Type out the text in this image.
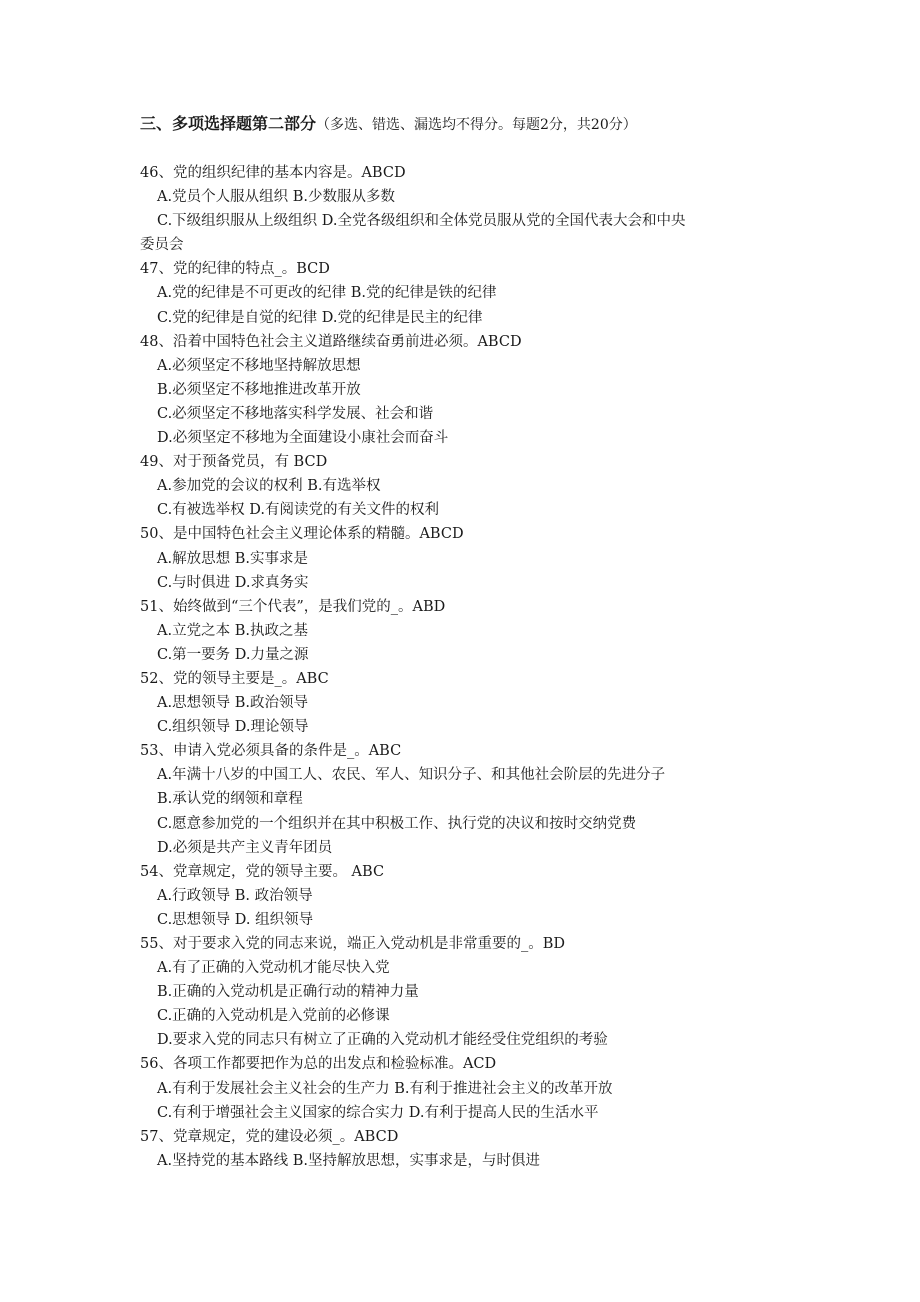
三、多项选择题第二部分（多选、错选、漏选均不得分。每题2分，共20分）
46、党的组织纪律的基本内容是。ABCD
A.党员个人服从组织 B.少数服从多数
C.下级组织服从上级组织 D.全党各级组织和全体党员服从党的全国代表大会和中央
委员会
47、党的纪律的特点_。BCD
A.党的纪律是不可更改的纪律 B.党的纪律是铁的纪律
C.党的纪律是自觉的纪律 D.党的纪律是民主的纪律
48、沿着中国特色社会主义道路继续奋勇前进必须。ABCD
A.必须坚定不移地坚持解放思想
B.必须坚定不移地推进改革开放
C.必须坚定不移地落实科学发展、社会和谐
D.必须坚定不移地为全面建设小康社会而奋斗
49、对于预备党员，有 BCD
A.参加党的会议的权利 B.有选举权
C.有被选举权 D.有阅读党的有关文件的权利
50、是中国特色社会主义理论体系的精髓。ABCD
A.解放思想 B.实事求是
C.与时俱进 D.求真务实
51、始终做到“三个代表”，是我们党的_。ABD
A.立党之本 B.执政之基
C.第一要务 D.力量之源
52、党的领导主要是_。ABC
A.思想领导 B.政治领导
C.组织领导 D.理论领导
53、申请入党必须具备的条件是_。ABC
A.年满十八岁的中国工人、农民、军人、知识分子、和其他社会阶层的先进分子
B.承认党的纲领和章程
C.愿意参加党的一个组织并在其中积极工作、执行党的决议和按时交纳党费
D.必须是共产主义青年团员
54、党章规定，党的领导主要。 ABC
A.行政领导 B. 政治领导
C.思想领导 D. 组织领导
55、对于要求入党的同志来说，端正入党动机是非常重要的_。BD
A.有了正确的入党动机才能尽快入党
B.正确的入党动机是正确行动的精神力量
C.正确的入党动机是入党前的必修课
D.要求入党的同志只有树立了正确的入党动机才能经受住党组织的考验
56、各项工作都要把作为总的出发点和检验标准。ACD
A.有利于发展社会主义社会的生产力 B.有利于推进社会主义的改革开放
C.有利于增强社会主义国家的综合实力 D.有利于提高人民的生活水平
57、党章规定，党的建设必须_。ABCD
A.坚持党的基本路线 B.坚持解放思想，实事求是，与时俱进
